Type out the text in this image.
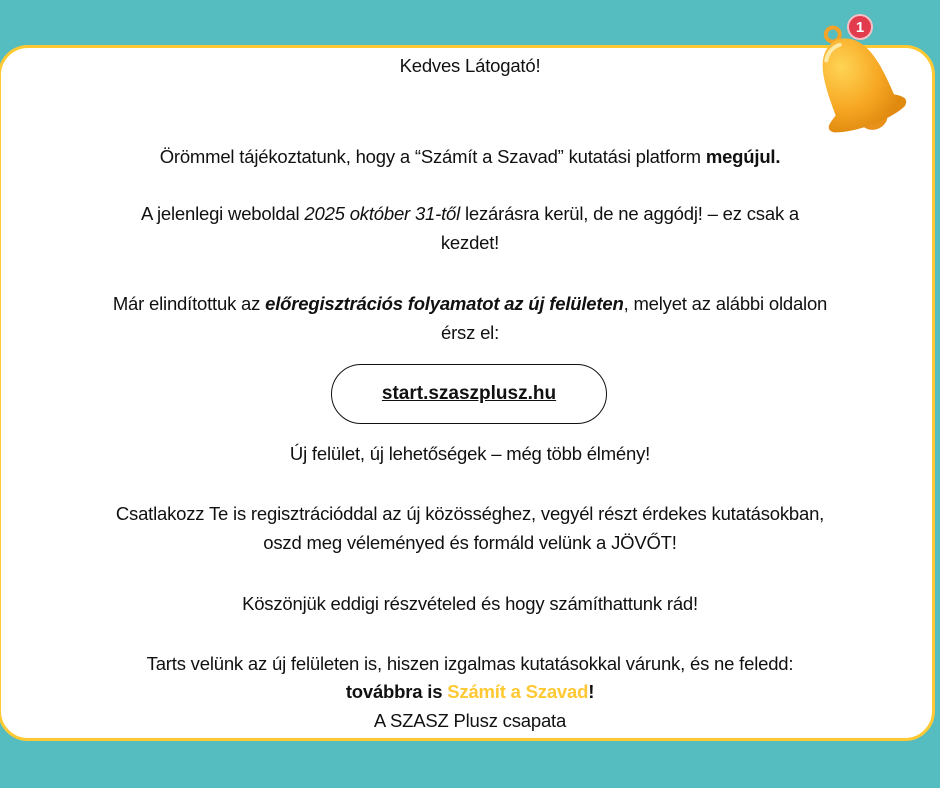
Kedves Látogató!
Örömmel tájékoztatunk, hogy a “Számít a Szavad” kutatási platform megújul.
A jelenlegi weboldal 2025 október 31-től lezárásra kerül, de ne aggódj! – ez csak a
kezdet!
Már elindítottuk az előregisztrációs folyamatot az új felületen, melyet az alábbi oldalon
érsz el:
start.szaszplusz.hu
Új felület, új lehetőségek – még több élmény!
Csatlakozz Te is regisztrációddal az új közösséghez, vegyél részt érdekes kutatásokban,
oszd meg véleményed és formáld velünk a JÖVŐT!
Köszönjük eddigi részvételed és hogy számíthattunk rád!
Tarts velünk az új felületen is, hiszen izgalmas kutatásokkal várunk, és ne feledd:
továbbra is Számít a Szavad!
A SZASZ Plusz csapata
1
